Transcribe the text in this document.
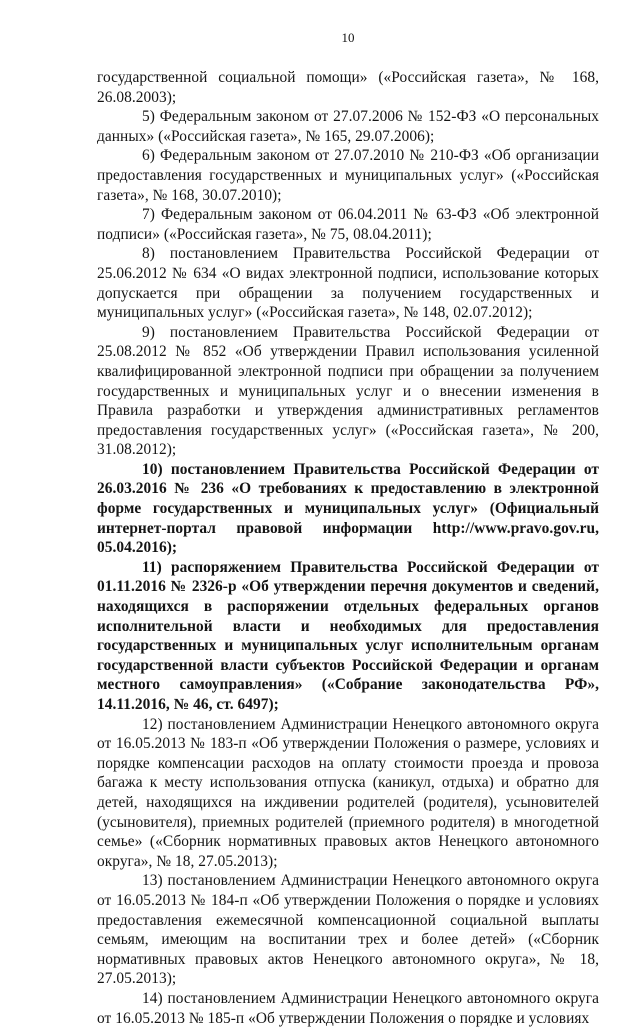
10

государственной социальной помощи» («Российская газета», № 168, 26.08.2003);

5) Федеральным законом от 27.07.2006 № 152-ФЗ «О персональных данных» («Российская газета», № 165, 29.07.2006);

6) Федеральным законом от 27.07.2010 № 210-ФЗ «Об организации предоставления государственных и муниципальных услуг» («Российская газета», № 168, 30.07.2010);

7) Федеральным законом от 06.04.2011 № 63-ФЗ «Об электронной подписи» («Российская газета», № 75, 08.04.2011);

8) постановлением Правительства Российской Федерации от 25.06.2012 № 634 «О видах электронной подписи, использование которых допускается при обращении за получением государственных и муниципальных услуг» («Российская газета», № 148, 02.07.2012);

9) постановлением Правительства Российской Федерации от 25.08.2012 № 852 «Об утверждении Правил использования усиленной квалифицированной электронной подписи при обращении за получением государственных и муниципальных услуг и о внесении изменения в Правила разработки и утверждения административных регламентов предоставления государственных услуг» («Российская газета», № 200, 31.08.2012);

10) постановлением Правительства Российской Федерации от 26.03.2016 № 236 «О требованиях к предоставлению в электронной форме государственных и муниципальных услуг» (Официальный интернет-портал правовой информации http://www.pravo.gov.ru, 05.04.2016);

11) распоряжением Правительства Российской Федерации от 01.11.2016 № 2326-р «Об утверждении перечня документов и сведений, находящихся в распоряжении отдельных федеральных органов исполнительной власти и необходимых для предоставления государственных и муниципальных услуг исполнительным органам государственной власти субъектов Российской Федерации и органам местного самоуправления» («Собрание законодательства РФ», 14.11.2016, № 46, ст. 6497);

12) постановлением Администрации Ненецкого автономного округа от 16.05.2013 № 183-п «Об утверждении Положения о размере, условиях и порядке компенсации расходов на оплату стоимости проезда и провоза багажа к месту использования отпуска (каникул, отдыха) и обратно для детей, находящихся на иждивении родителей (родителя), усыновителей (усыновителя), приемных родителей (приемного родителя) в многодетной семье» («Сборник нормативных правовых актов Ненецкого автономного округа», № 18, 27.05.2013);

13) постановлением Администрации Ненецкого автономного округа от 16.05.2013 № 184-п «Об утверждении Положения о порядке и условиях предоставления ежемесячной компенсационной социальной выплаты семьям, имеющим на воспитании трех и более детей» («Сборник нормативных правовых актов Ненецкого автономного округа», № 18, 27.05.2013);

14) постановлением Администрации Ненецкого автономного округа от 16.05.2013 № 185-п «Об утверждении Положения о порядке и условиях
